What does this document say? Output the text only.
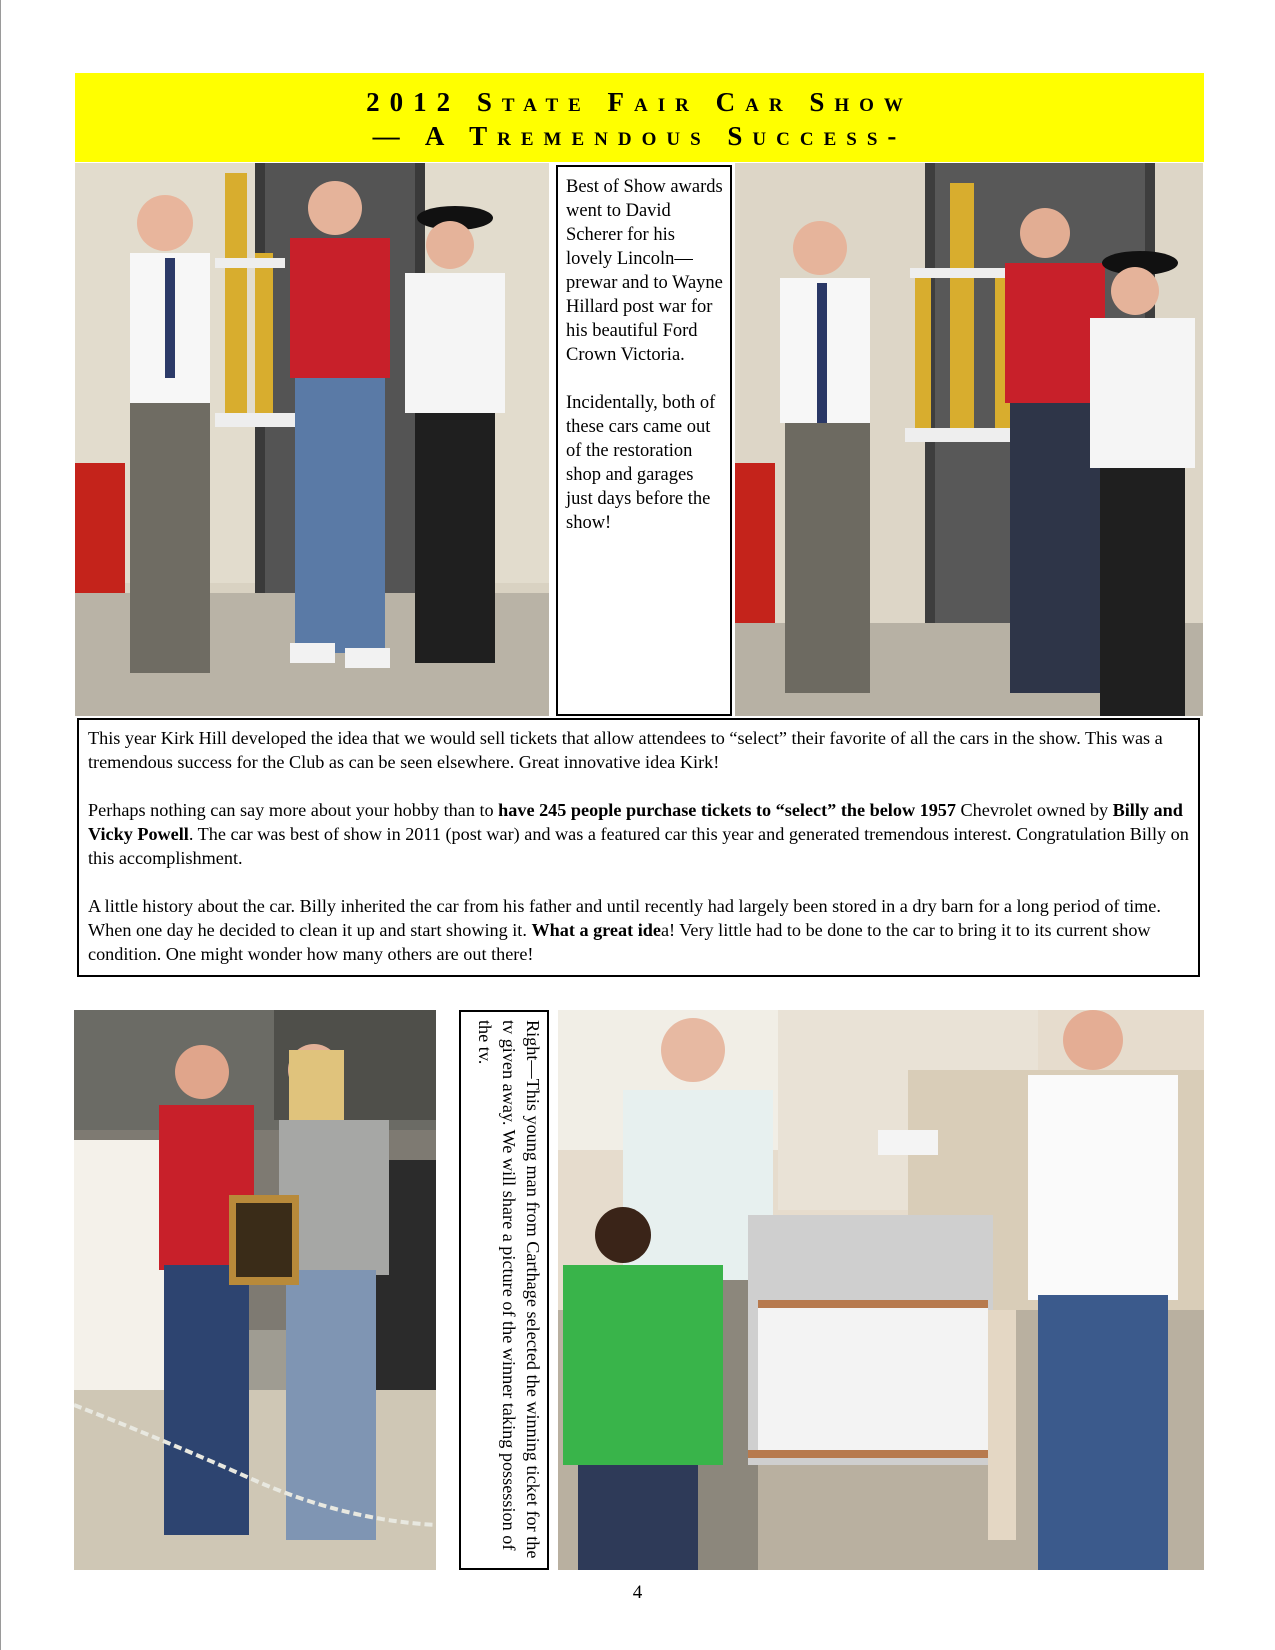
2012 State Fair Car Show
— A Tremendous Success-

Best of Show awards went to David Scherer for his lovely Lincoln—prewar and to Wayne Hillard post war for his beautiful Ford Crown Victoria.

Incidentally, both of these cars came out of the restoration shop and garages just days before the show!

This year Kirk Hill developed the idea that we would sell tickets that allow attendees to “select” their favorite of all the cars in the show. This was a tremendous success for the Club as can be seen elsewhere. Great innovative idea Kirk!

Perhaps nothing can say more about your hobby than to have 245 people purchase tickets to “select” the below 1957 Chevrolet owned by Billy and Vicky Powell. The car was best of show in 2011 (post war) and was a featured car this year and generated tremendous interest. Congratulation Billy on this accomplishment.

A little history about the car. Billy inherited the car from his father and until recently had largely been stored in a dry barn for a long period of time. When one day he decided to clean it up and start showing it. What a great idea! Very little had to be done to the car to bring it to its current show condition. One might wonder how many others are out there!

Right—This young man from Carthage selected the winning ticket for the tv given away. We will share a picture of the winner taking possession of the tv.
4
